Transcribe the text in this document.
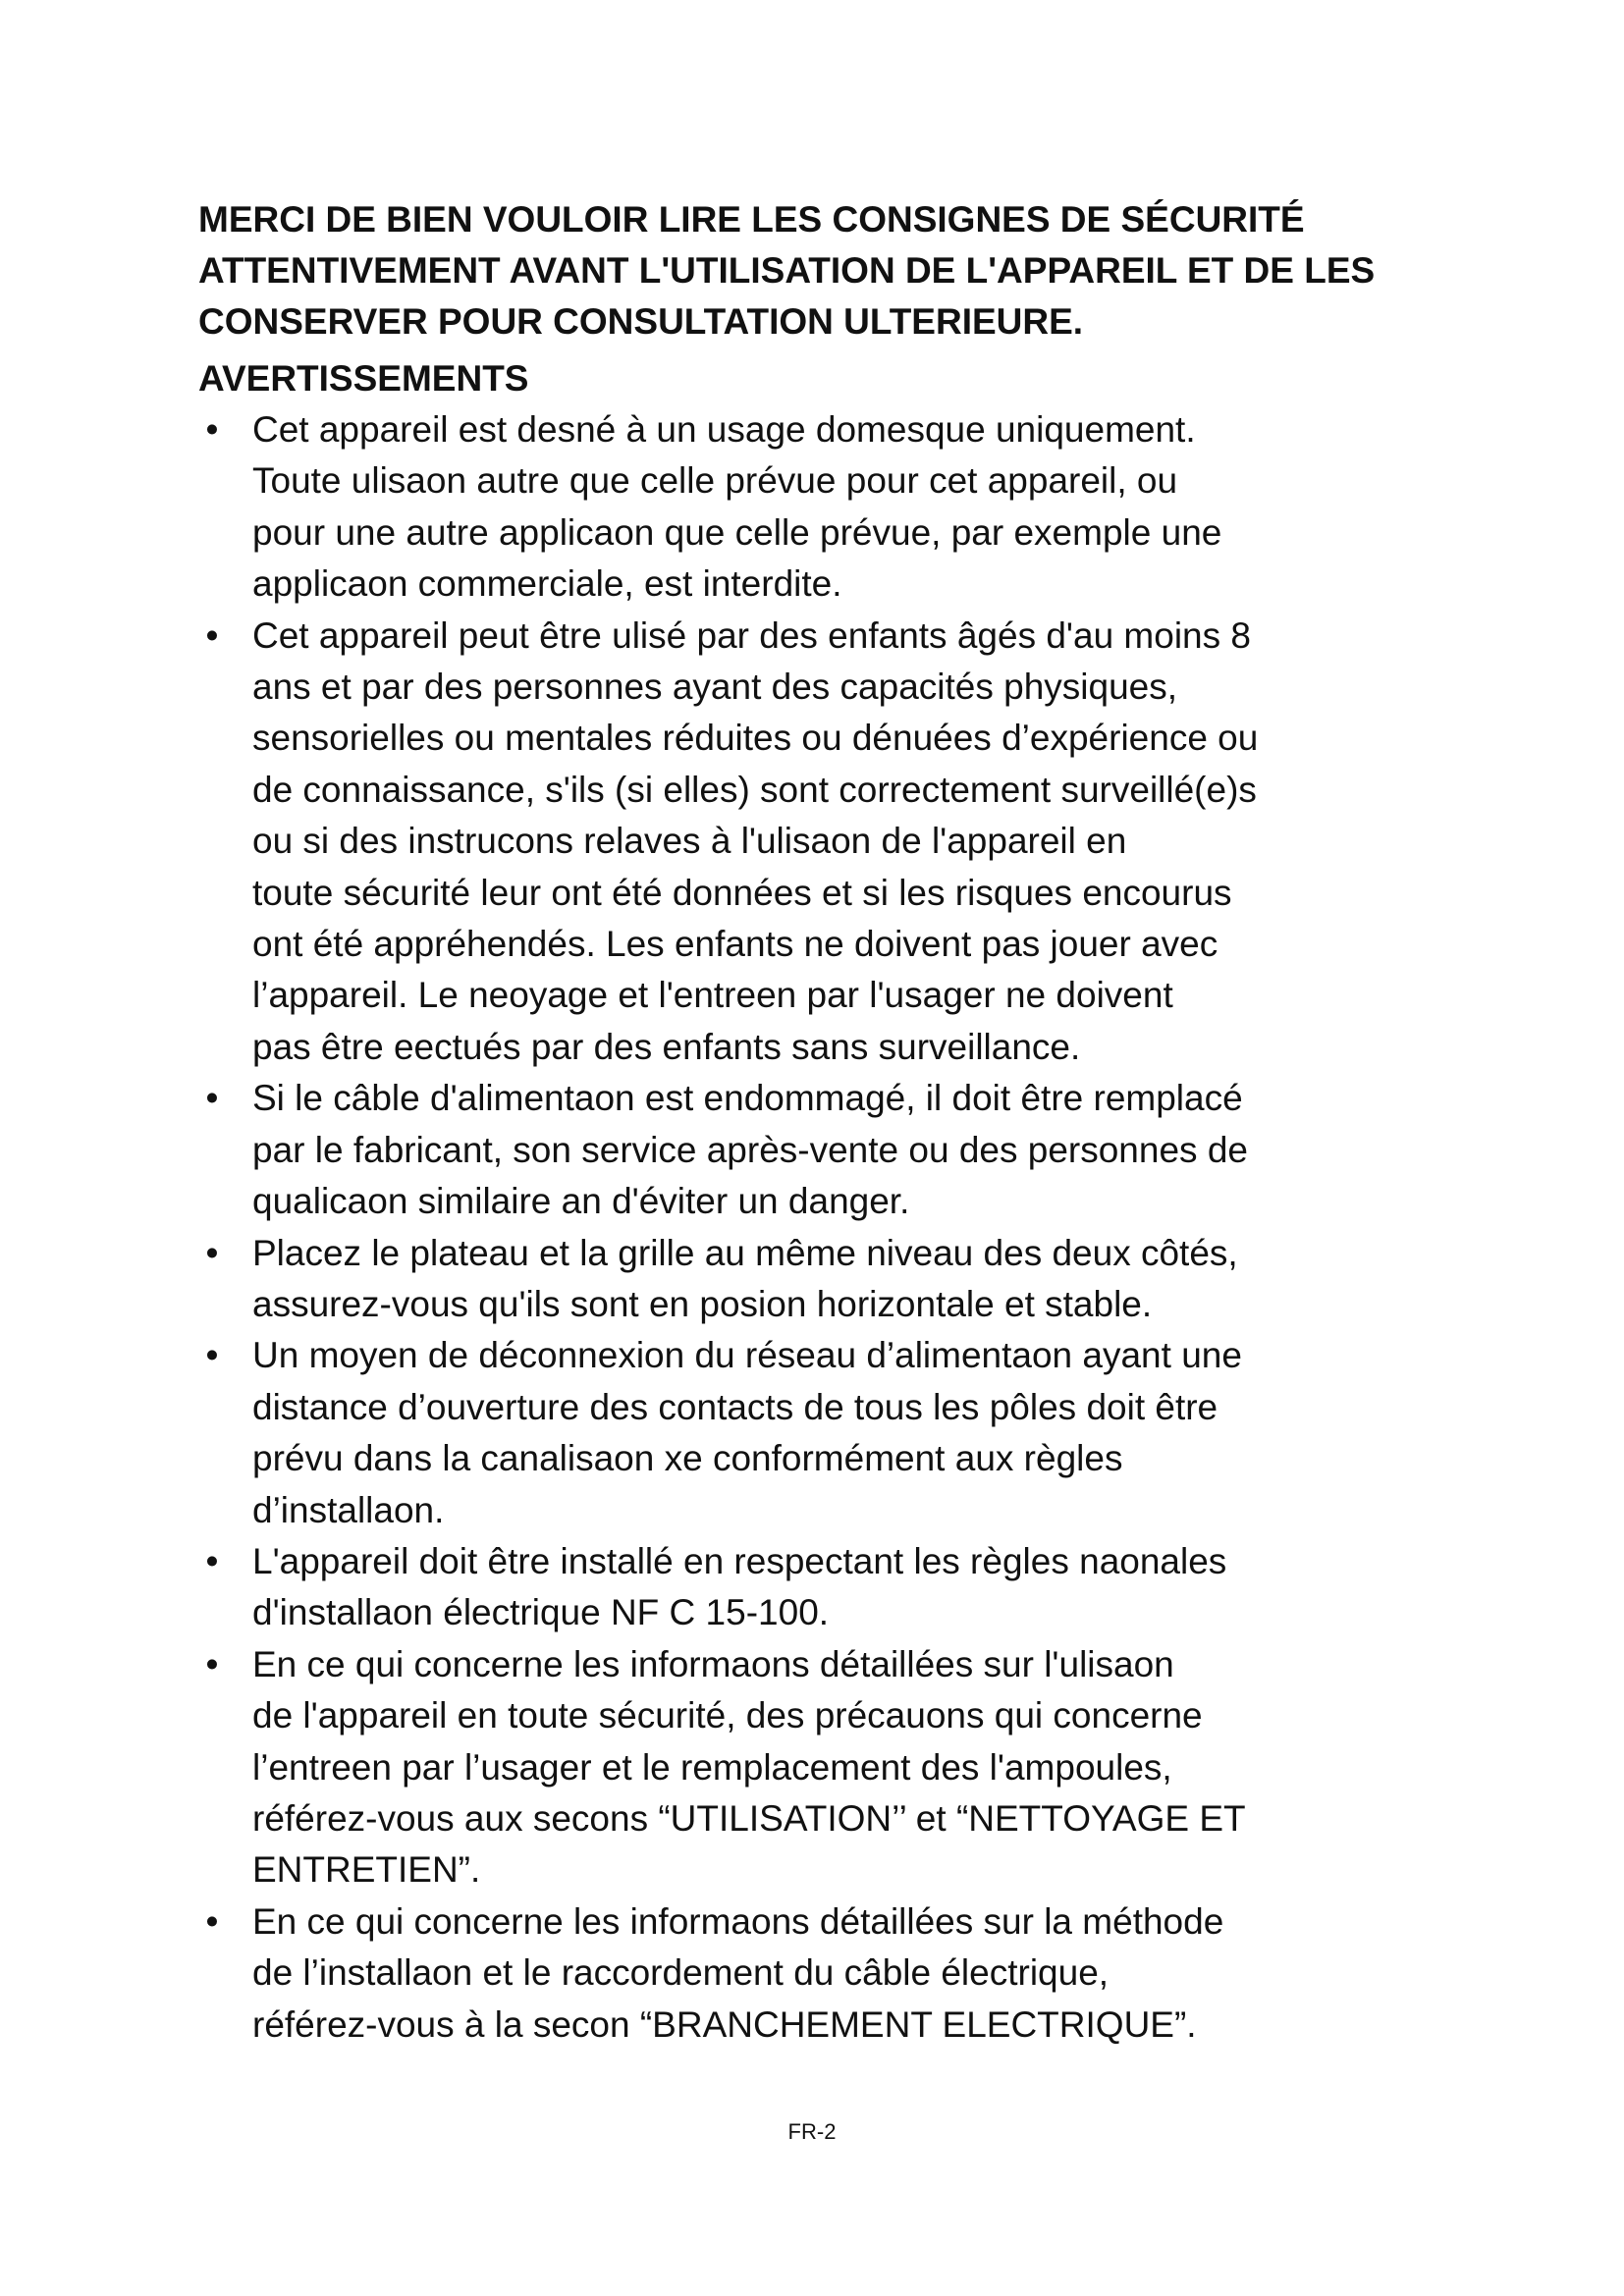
MERCI DE BIEN VOULOIR LIRE LES CONSIGNES DE SÉCURITÉ
ATTENTIVEMENT AVANT L'UTILISATION DE L'APPAREIL ET DE LES
CONSERVER POUR CONSULTATION ULTERIEURE.
AVERTISSEMENTS
• Cet appareil est desné à un usage domesque uniquement.
Toute ulisaon autre que celle prévue pour cet appareil, ou
pour une autre applicaon que celle prévue, par exemple une
applicaon commerciale, est interdite.
• Cet appareil peut être ulisé par des enfants âgés d'au moins 8
ans et par des personnes ayant des capacités physiques,
sensorielles ou mentales réduites ou dénuées d’expérience ou
de connaissance, s'ils (si elles) sont correctement surveillé(e)s
ou si des instrucons relaves à l'ulisaon de l'appareil en
toute sécurité leur ont été données et si les risques encourus
ont été appréhendés. Les enfants ne doivent pas jouer avec
l’appareil. Le neoyage et l'entreen par l'usager ne doivent
pas être eectués par des enfants sans surveillance.
• Si le câble d'alimentaon est endommagé, il doit être remplacé
par le fabricant, son service après-vente ou des personnes de
qualicaon similaire an d'éviter un danger.
• Placez le plateau et la grille au même niveau des deux côtés,
assurez-vous qu'ils sont en posion horizontale et stable.
• Un moyen de déconnexion du réseau d’alimentaon ayant une
distance d’ouverture des contacts de tous les pôles doit être
prévu dans la canalisaon xe conformément aux règles
d’installaon.
• L'appareil doit être installé en respectant les règles naonales
d'installaon électrique NF C 15-100.
• En ce qui concerne les informaons détaillées sur l'ulisaon
de l'appareil en toute sécurité, des précauons qui concerne
l’entreen par l’usager et le remplacement des l'ampoules,
référez-vous aux secons “UTILISATION’’ et “NETTOYAGE ET
ENTRETIEN”.
• En ce qui concerne les informaons détaillées sur la méthode
de l’installaon et le raccordement du câble électrique,
référez-vous à la secon “BRANCHEMENT ELECTRIQUE”.
FR-2
